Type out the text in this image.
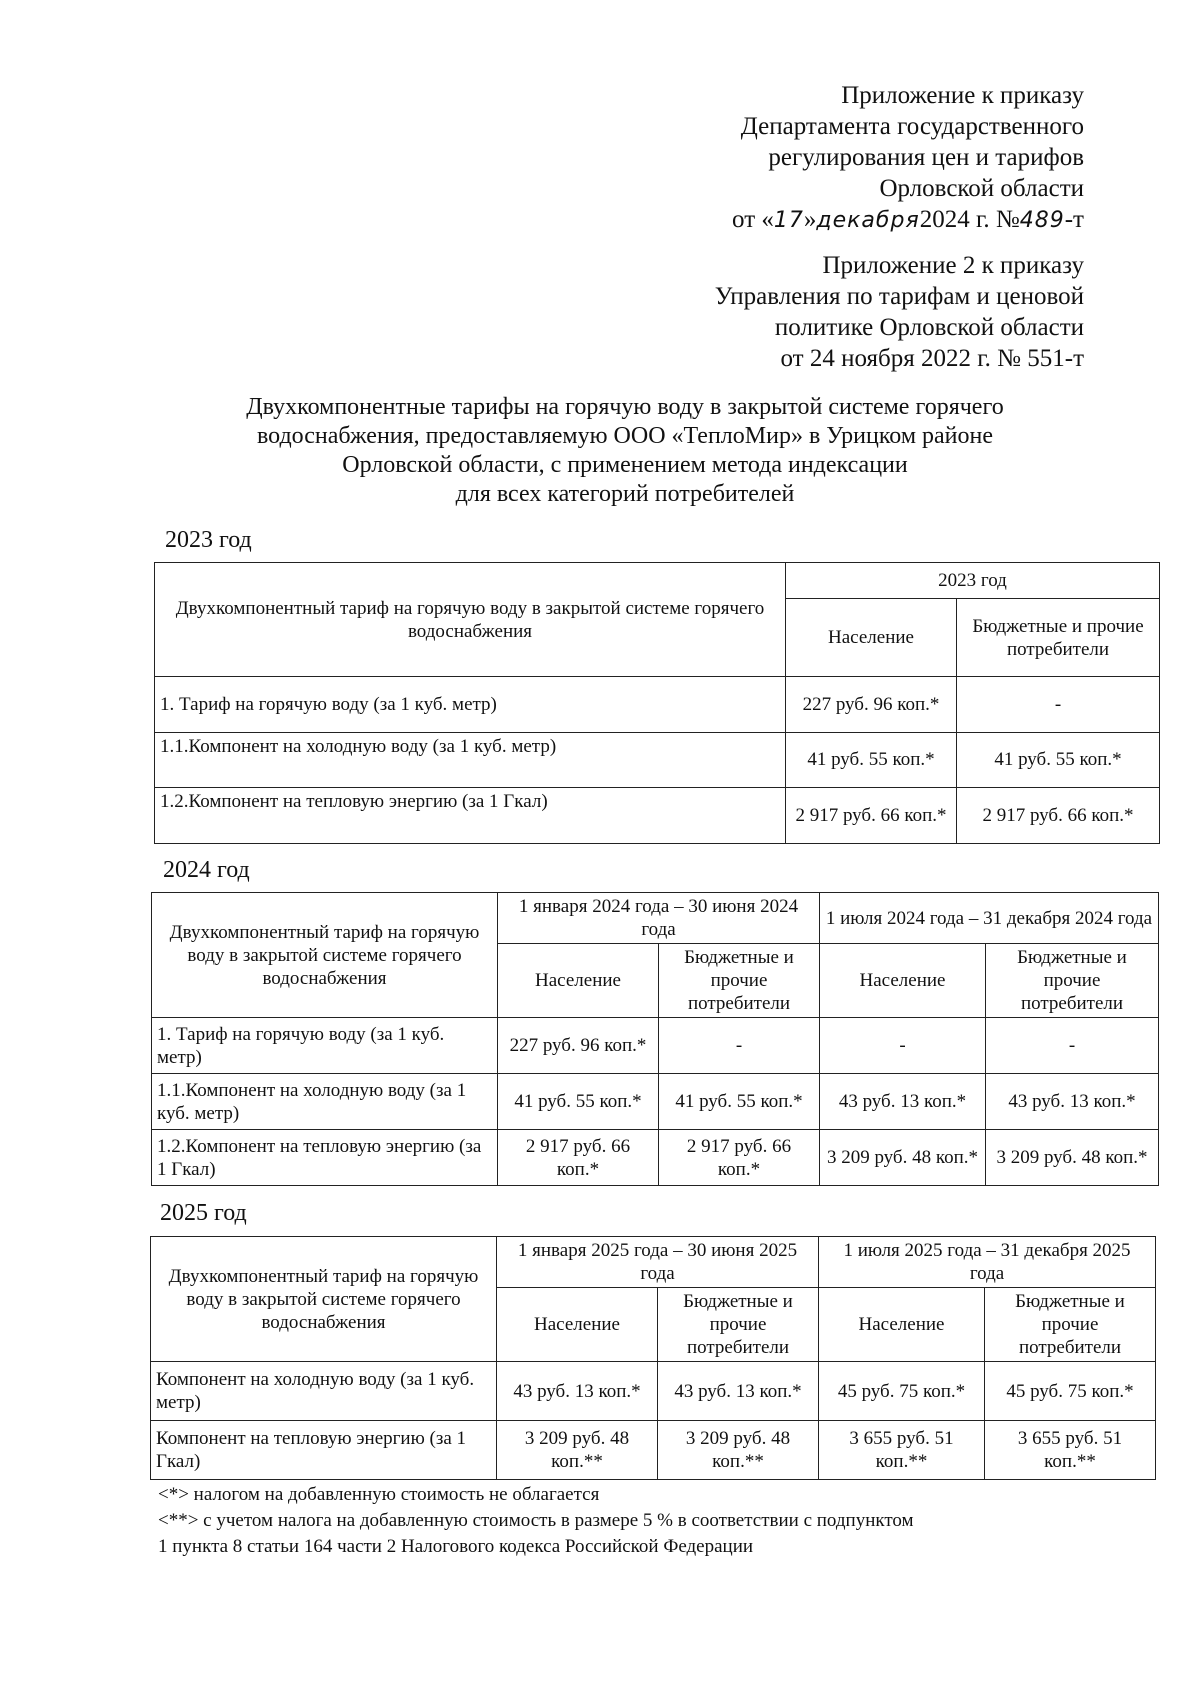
Приложение к приказу
Департамента государственного
регулирования цен и тарифов
Орловской области
от «17»декабря2024 г. №489-т
Приложение 2 к приказу
Управления по тарифам и ценовой
политике Орловской области
от 24 ноября 2022 г. № 551-т
Двухкомпонентные тарифы на горячую воду в закрытой системе горячего
водоснабжения, предоставляемую ООО «ТеплоМир» в Урицком районе
Орловской области, с применением метода индексации
для всех категорий потребителей
2023 год
Двухкомпонентный тариф на горячую воду в закрытой системе горячего водоснабжения	2023 год	
	Население	Бюджетные и прочие потребители
1. Тариф на горячую воду (за 1 куб. метр)	227 руб. 96 коп.*	-
1.1.Компонент на холодную воду (за 1 куб. метр)	41 руб. 55 коп.*	41 руб. 55 коп.*
1.2.Компонент на тепловую энергию (за 1 Гкал)	2 917 руб. 66 коп.*	2 917 руб. 66 коп.*
2024 год
Двухкомпонентный тариф на горячую воду в закрытой системе горячего водоснабжения	1 января 2024 года – 30 июня 2024 года		1 июля 2024 года – 31 декабря 2024 года	
	Население	Бюджетные и прочие потребители	Население	Бюджетные и прочие потребители
1. Тариф на горячую воду (за 1 куб. метр)	227 руб. 96 коп.*	-	-	-
1.1.Компонент на холодную воду (за 1 куб. метр)	41 руб. 55 коп.*	41 руб. 55 коп.*	43 руб. 13 коп.*	43 руб. 13 коп.*
1.2.Компонент на тепловую энергию (за 1 Гкал)	2 917 руб. 66 коп.*	2 917 руб. 66 коп.*	3 209 руб. 48 коп.*	3 209 руб. 48 коп.*
2025 год
Двухкомпонентный тариф на горячую воду в закрытой системе горячего водоснабжения	1 января 2025 года – 30 июня 2025 года		1 июля 2025 года – 31 декабря 2025 года	
	Население	Бюджетные и прочие потребители	Население	Бюджетные и прочие потребители
Компонент на холодную воду (за 1 куб. метр)	43 руб. 13 коп.*	43 руб. 13 коп.*	45 руб. 75 коп.*	45 руб. 75 коп.*
Компонент на тепловую энергию (за 1 Гкал)	3 209 руб. 48 коп.**	3 209 руб. 48 коп.**	3 655 руб. 51 коп.**	3 655 руб. 51 коп.**
<*> налогом на добавленную стоимость не облагается
<**> с учетом налога на добавленную стоимость в размере 5 % в соответствии с подпунктом
1 пункта 8 статьи 164 части 2 Налогового кодекса Российской Федерации
